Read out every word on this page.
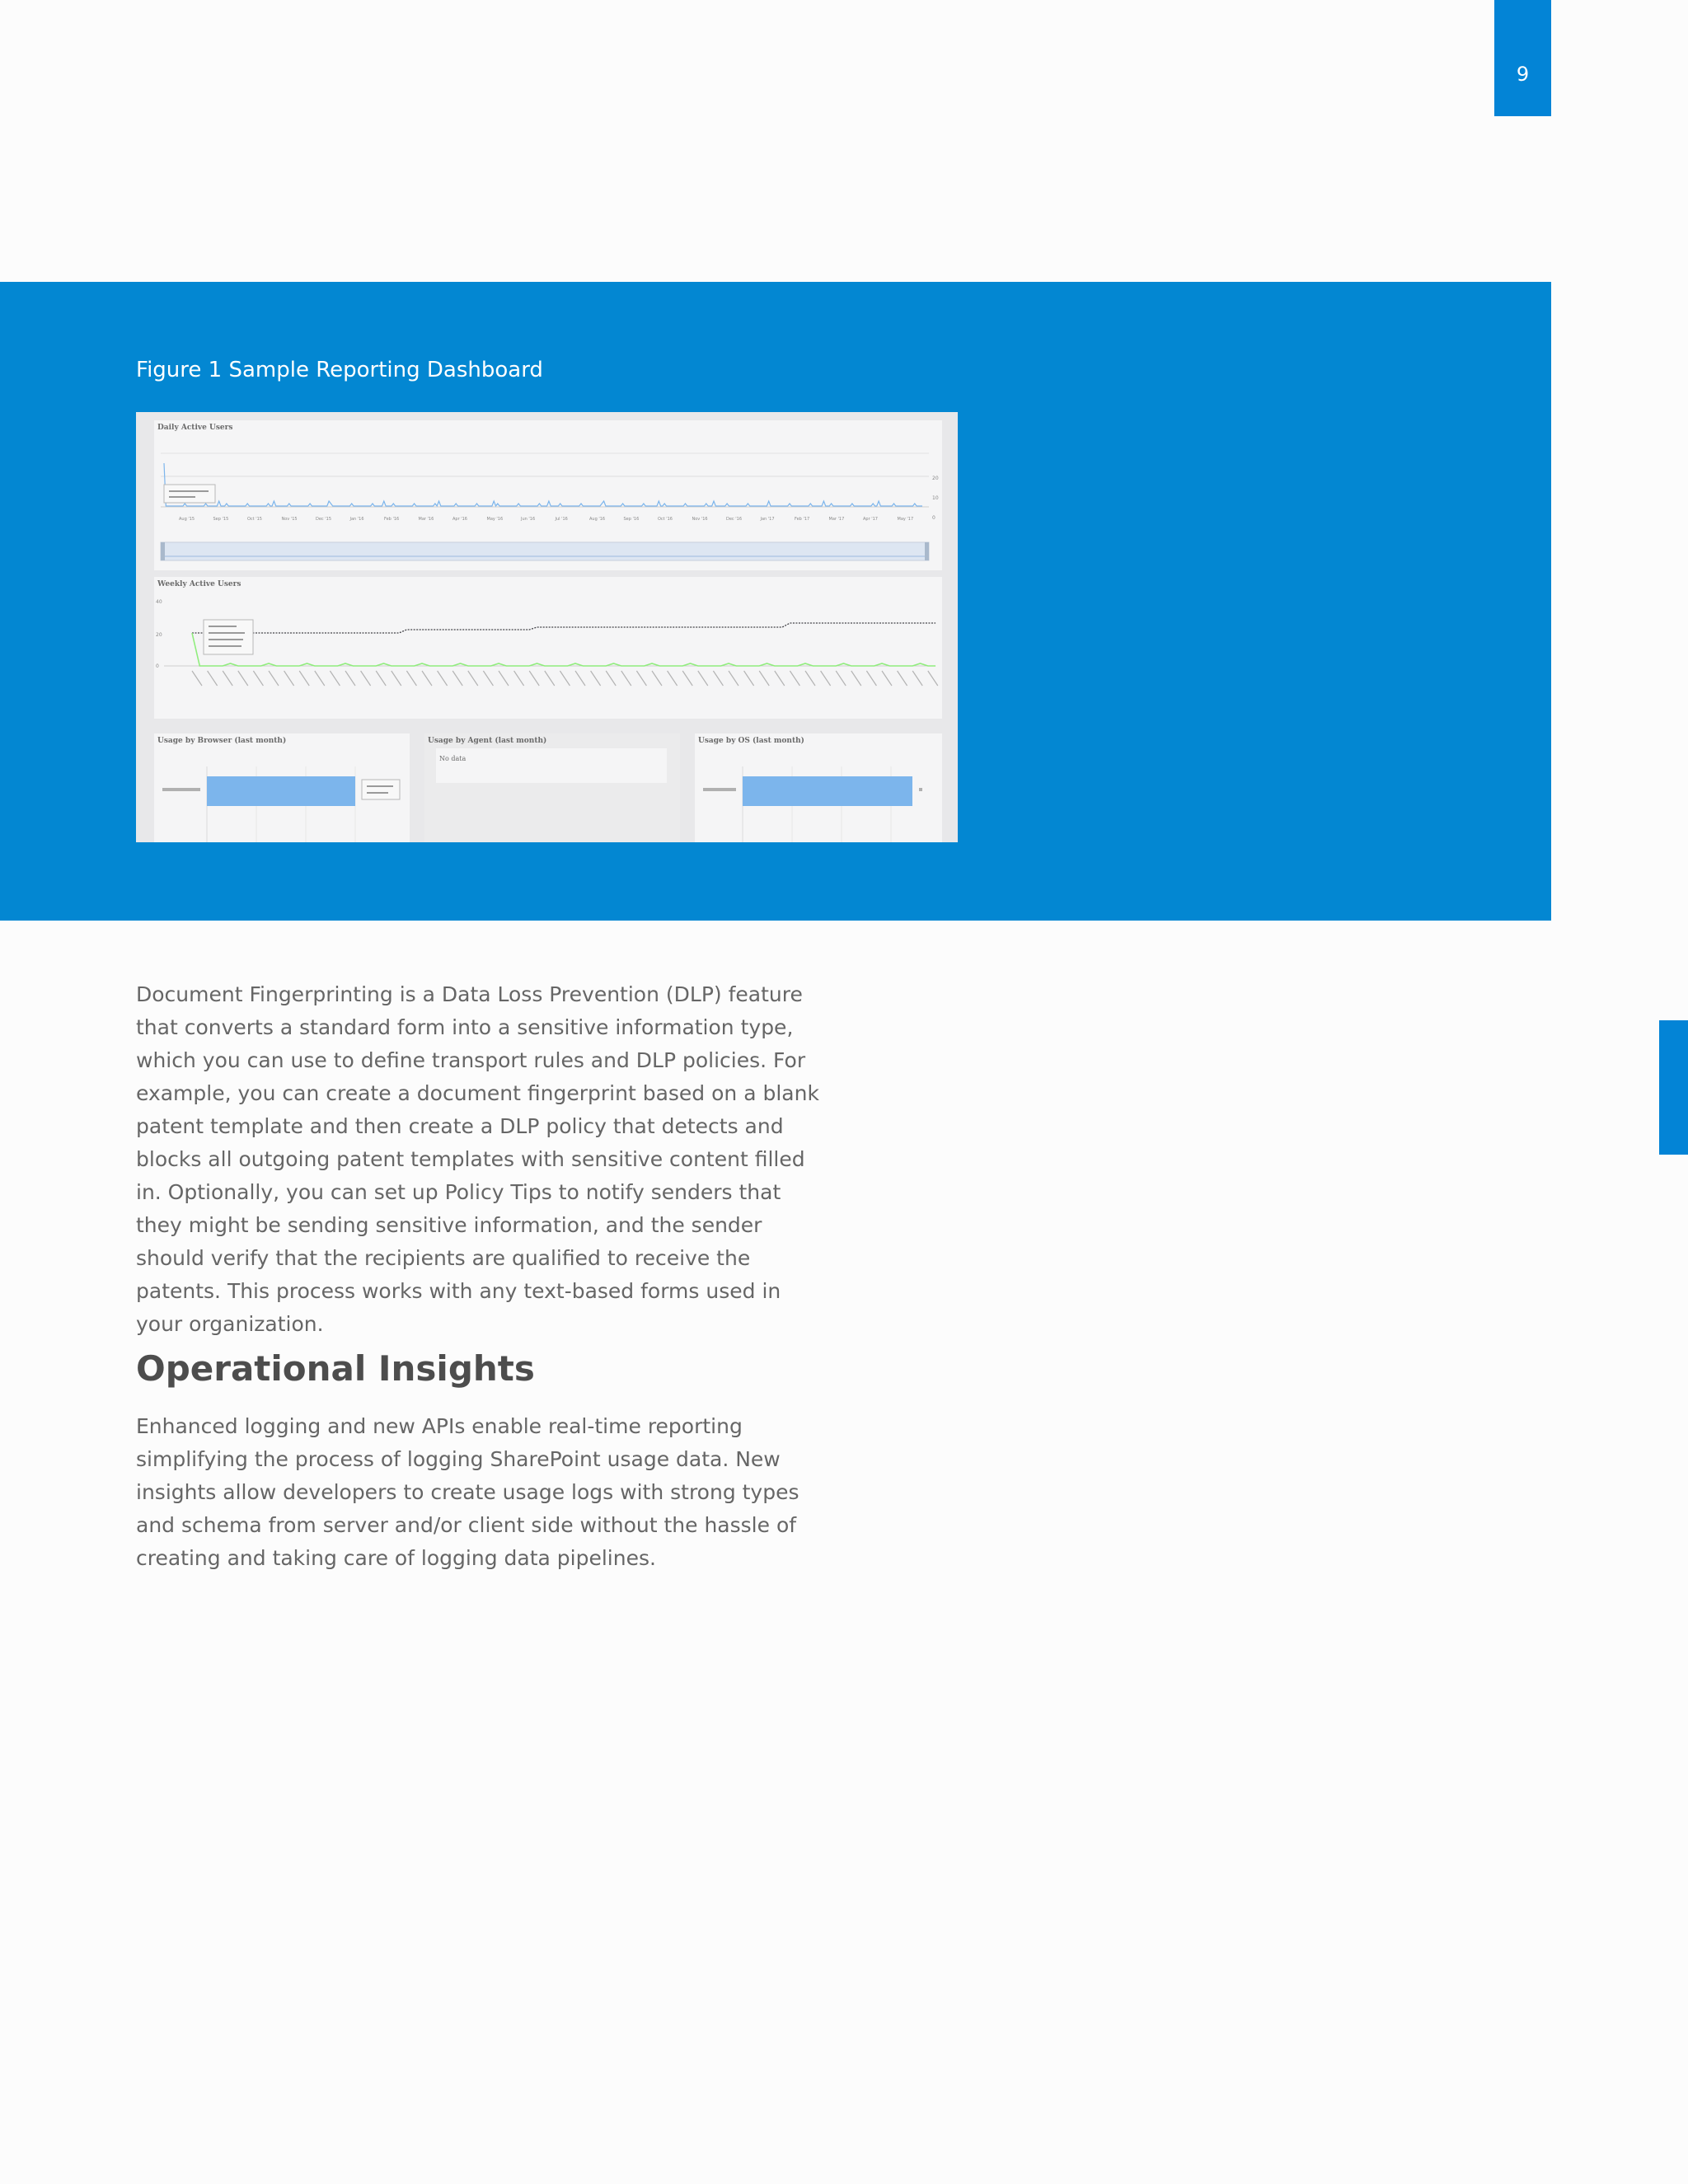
9
Figure 1 Sample Reporting Dashboard
Daily Active Users
Aug '15	Sep '15	Oct '15	Nov '15	Dec '15	Jan '16	Feb '16	Mar '16	Apr '16	May '16	Jun '16	Jul '16	Aug '16	Sep '16	Oct '16	Nov '16	Dec '16	Jan '17	Feb '17	Mar '17	Apr '17	May '17
20
10
0
Weekly Active Users
40
20
0
Usage by Browser (last month)	Usage by Agent (last month)
No data
Usage by OS (last month)

Document Fingerprinting is a Data Loss Prevention (DLP) feature that converts a standard form into a sensitive information type, which you can use to define transport rules and DLP policies. For example, you can create a document fingerprint based on a blank patent template and then create a DLP policy that detects and blocks all outgoing patent templates with sensitive content filled in. Optionally, you can set up Policy Tips to notify senders that they might be sending sensitive information, and the sender should verify that the recipients are qualified to receive the patents. This process works with any text-based forms used in your organization.

Operational Insights

Enhanced logging and new APIs enable real-time reporting simplifying the process of logging SharePoint usage data. New insights allow developers to create usage logs with strong types and schema from server and/or client side without the hassle of creating and taking care of logging data pipelines.
